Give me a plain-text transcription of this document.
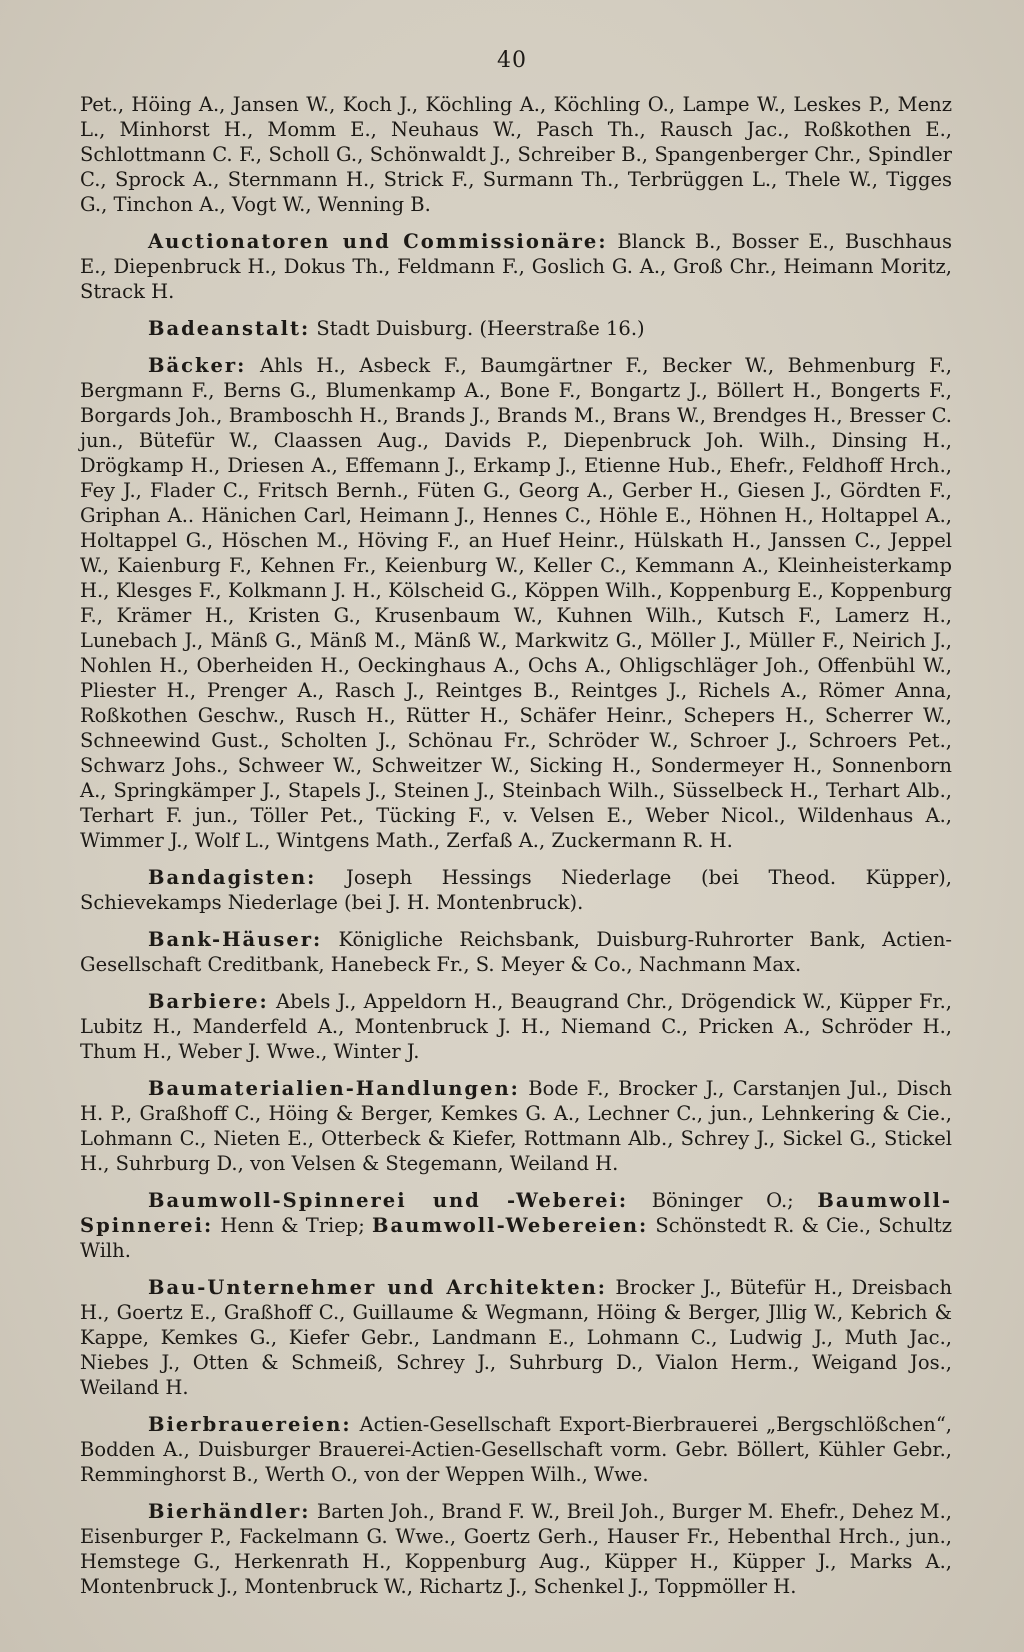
40

Pet., Höing A., Jansen W., Koch J., Köchling A., Köchling O., Lampe W., Leskes P., Menz L., Minhorst H., Momm E., Neuhaus W., Pasch Th., Rausch Jac., Roßkothen E., Schlottmann C. F., Scholl G., Schönwaldt J., Schreiber B., Spangenberger Chr., Spindler C., Sprock A., Sternmann H., Strick F., Surmann Th., Terbrüggen L., Thele W., Tigges G., Tinchon A., Vogt W., Wenning B.

Auctionatoren und Commissionäre: Blanck B., Bosser E., Buschhaus E., Diepenbruck H., Dokus Th., Feldmann F., Goslich G. A., Groß Chr., Heimann Moritz, Strack H.

Badeanstalt: Stadt Duisburg. (Heerstraße 16.)

Bäcker: Ahls H., Asbeck F., Baumgärtner F., Becker W., Behmenburg F., Bergmann F., Berns G., Blumenkamp A., Bone F., Bongartz J., Böllert H., Bongerts F., Borgards Joh., Bramboschh H., Brands J., Brands M., Brans W., Brendges H., Bresser C. jun., Bütefür W., Claassen Aug., Davids P., Diepenbruck Joh. Wilh., Dinsing H., Drögkamp H., Driesen A., Effemann J., Erkamp J., Etienne Hub., Ehefr., Feldhoff Hrch., Fey J., Flader C., Fritsch Bernh., Füten G., Georg A., Gerber H., Giesen J., Gördten F., Griphan A.. Hänichen Carl, Heimann J., Hennes C., Höhle E., Höhnen H., Holtappel A., Holtappel G., Höschen M., Höving F., an Huef Heinr., Hülskath H., Janssen C., Jeppel W., Kaienburg F., Kehnen Fr., Keienburg W., Keller C., Kemmann A., Kleinheisterkamp H., Klesges F., Kolkmann J. H., Kölscheid G., Köppen Wilh., Koppenburg E., Koppenburg F., Krämer H., Kristen G., Krusenbaum W., Kuhnen Wilh., Kutsch F., Lamerz H., Lunebach J., Mänß G., Mänß M., Mänß W., Markwitz G., Möller J., Müller F., Neirich J., Nohlen H., Oberheiden H., Oeckinghaus A., Ochs A., Ohligschläger Joh., Offenbühl W., Pliester H., Prenger A., Rasch J., Reintges B., Reintges J., Richels A., Römer Anna, Roßkothen Geschw., Rusch H., Rütter H., Schäfer Heinr., Schepers H., Scherrer W., Schneewind Gust., Scholten J., Schönau Fr., Schröder W., Schroer J., Schroers Pet., Schwarz Johs., Schweer W., Schweitzer W., Sicking H., Sondermeyer H., Sonnenborn A., Springkämper J., Stapels J., Steinen J., Steinbach Wilh., Süsselbeck H., Terhart Alb., Terhart F. jun., Töller Pet., Tücking F., v. Velsen E., Weber Nicol., Wildenhaus A., Wimmer J., Wolf L., Wintgens Math., Zerfaß A., Zuckermann R. H.

Bandagisten: Joseph Hessings Niederlage (bei Theod. Küpper), Schievekamps Niederlage (bei J. H. Montenbruck).

Bank-Häuser: Königliche Reichsbank, Duisburg-Ruhrorter Bank, Actien-Gesellschaft Creditbank, Hanebeck Fr., S. Meyer & Co., Nachmann Max.

Barbiere: Abels J., Appeldorn H., Beaugrand Chr., Drögendick W., Küpper Fr., Lubitz H., Manderfeld A., Montenbruck J. H., Niemand C., Pricken A., Schröder H., Thum H., Weber J. Wwe., Winter J.

Baumaterialien-Handlungen: Bode F., Brocker J., Carstanjen Jul., Disch H. P., Graßhoff C., Höing & Berger, Kemkes G. A., Lechner C., jun., Lehnkering & Cie., Lohmann C., Nieten E., Otterbeck & Kiefer, Rottmann Alb., Schrey J., Sickel G., Stickel H., Suhrburg D., von Velsen & Stegemann, Weiland H.

Baumwoll-Spinnerei und -Weberei: Böninger O.; Baumwoll-Spinnerei: Henn & Triep; Baumwoll-Webereien: Schönstedt R. & Cie., Schultz Wilh.

Bau-Unternehmer und Architekten: Brocker J., Bütefür H., Dreisbach H., Goertz E., Graßhoff C., Guillaume & Wegmann, Höing & Berger, Jllig W., Kebrich & Kappe, Kemkes G., Kiefer Gebr., Landmann E., Lohmann C., Ludwig J., Muth Jac., Niebes J., Otten & Schmeiß, Schrey J., Suhrburg D., Vialon Herm., Weigand Jos., Weiland H.

Bierbrauereien: Actien-Gesellschaft Export-Bierbrauerei „Bergschlößchen“, Bodden A., Duisburger Brauerei-Actien-Gesellschaft vorm. Gebr. Böllert, Kühler Gebr., Remminghorst B., Werth O., von der Weppen Wilh., Wwe.

Bierhändler: Barten Joh., Brand F. W., Breil Joh., Burger M. Ehefr., Dehez M., Eisenburger P., Fackelmann G. Wwe., Goertz Gerh., Hauser Fr., Hebenthal Hrch., jun., Hemstege G., Herkenrath H., Koppenburg Aug., Küpper H., Küpper J., Marks A., Montenbruck J., Montenbruck W., Richartz J., Schenkel J., Toppmöller H.
